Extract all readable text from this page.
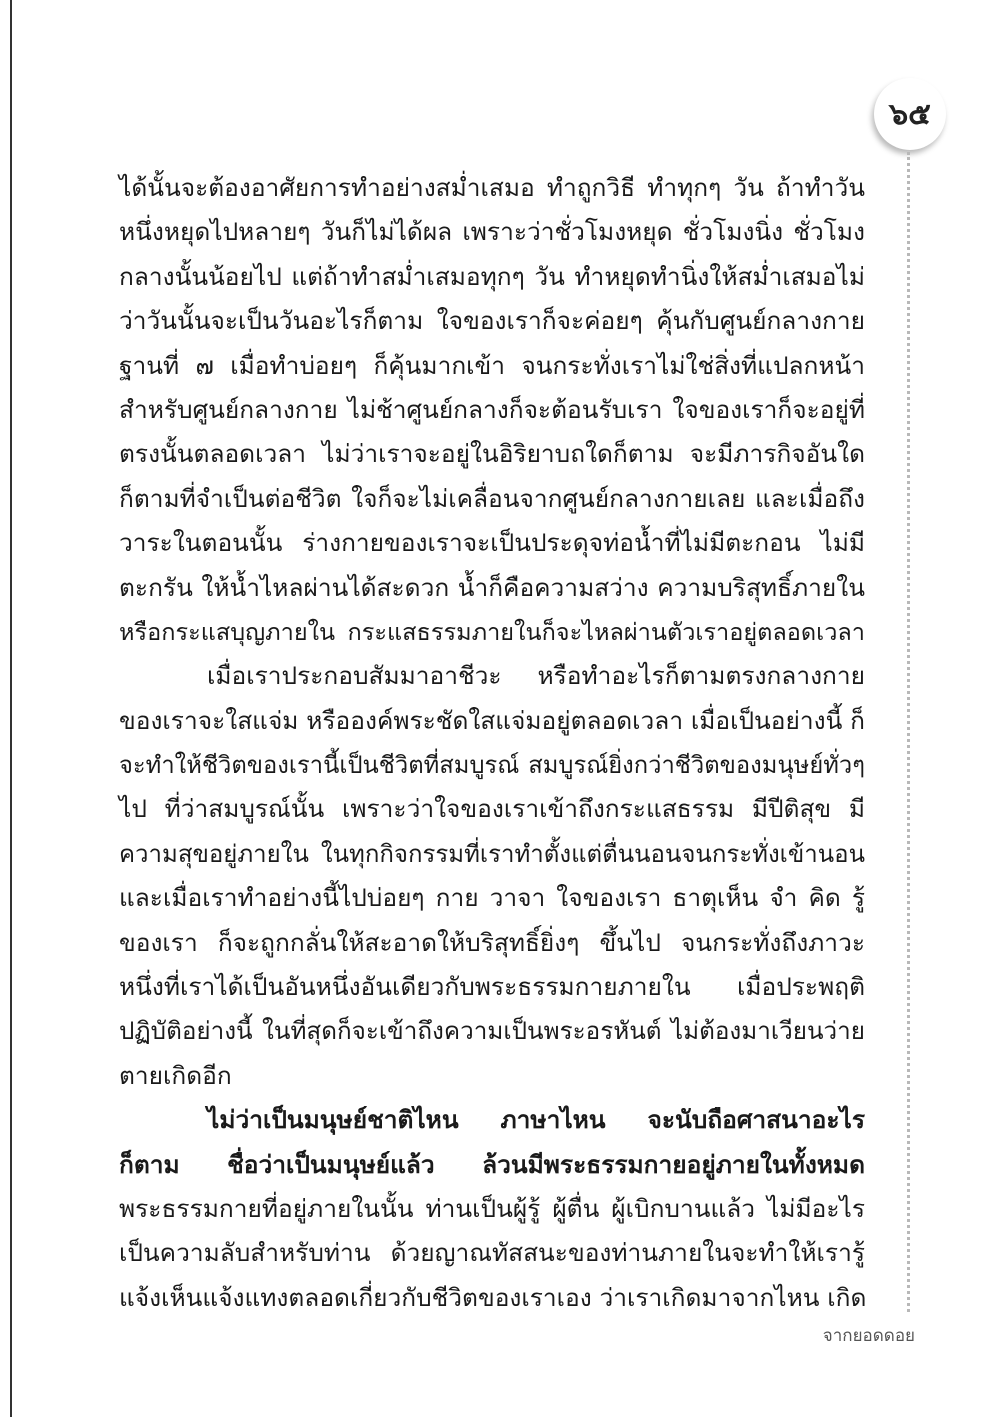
๖๕
ได้นั้นจะต้องอาศัยการทำอย่างสม่ำเสมอ ทำถูกวิธี ทำทุกๆ วัน ถ้าทำวัน
หนึ่งหยุดไปหลายๆ วันก็ไม่ได้ผล เพราะว่าชั่วโมงหยุด ชั่วโมงนิ่ง ชั่วโมง
กลางนั้นน้อยไป แต่ถ้าทำสม่ำเสมอทุกๆ วัน ทำหยุดทำนิ่งให้สม่ำเสมอไม่
ว่าวันนั้นจะเป็นวันอะไรก็ตาม ใจของเราก็จะค่อยๆ คุ้นกับศูนย์กลางกาย
ฐานที่ ๗ เมื่อทำบ่อยๆ ก็คุ้นมากเข้า จนกระทั่งเราไม่ใช่สิ่งที่แปลกหน้า
สำหรับศูนย์กลางกาย ไม่ช้าศูนย์กลางก็จะต้อนรับเรา ใจของเราก็จะอยู่ที่
ตรงนั้นตลอดเวลา ไม่ว่าเราจะอยู่ในอิริยาบถใดก็ตาม จะมีภารกิจอันใด
ก็ตามที่จำเป็นต่อชีวิต ใจก็จะไม่เคลื่อนจากศูนย์กลางกายเลย และเมื่อถึง
วาระในตอนนั้น ร่างกายของเราจะเป็นประดุจท่อน้ำที่ไม่มีตะกอน ไม่มี
ตะกรัน ให้น้ำไหลผ่านได้สะดวก น้ำก็คือความสว่าง ความบริสุทธิ์ภายใน
หรือกระแสบุญภายใน กระแสธรรมภายในก็จะไหลผ่านตัวเราอยู่ตลอดเวลา
เมื่อเราประกอบสัมมาอาชีวะ หรือทำอะไรก็ตามตรงกลางกาย
ของเราจะใสแจ่ม หรือองค์พระชัดใสแจ่มอยู่ตลอดเวลา เมื่อเป็นอย่างนี้ ก็
จะทำให้ชีวิตของเรานี้เป็นชีวิตที่สมบูรณ์ สมบูรณ์ยิ่งกว่าชีวิตของมนุษย์ทั่วๆ
ไป ที่ว่าสมบูรณ์นั้น เพราะว่าใจของเราเข้าถึงกระแสธรรม มีปีติสุข มี
ความสุขอยู่ภายใน ในทุกกิจกรรมที่เราทำตั้งแต่ตื่นนอนจนกระทั่งเข้านอน
และเมื่อเราทำอย่างนี้ไปบ่อยๆ กาย วาจา ใจของเรา ธาตุเห็น จำ คิด รู้
ของเรา ก็จะถูกกลั่นให้สะอาดให้บริสุทธิ์ยิ่งๆ ขึ้นไป จนกระทั่งถึงภาวะ
หนึ่งที่เราได้เป็นอันหนึ่งอันเดียวกับพระธรรมกายภายใน เมื่อประพฤติ
ปฏิบัติอย่างนี้ ในที่สุดก็จะเข้าถึงความเป็นพระอรหันต์ ไม่ต้องมาเวียนว่าย
ตายเกิดอีก
ไม่ว่าเป็นมนุษย์ชาติไหน ภาษาไหน จะนับถือศาสนาอะไร
ก็ตาม ชื่อว่าเป็นมนุษย์แล้ว ล้วนมีพระธรรมกายอยู่ภายในทั้งหมด
พระธรรมกายที่อยู่ภายในนั้น ท่านเป็นผู้รู้ ผู้ตื่น ผู้เบิกบานแล้ว ไม่มีอะไร
เป็นความลับสำหรับท่าน ด้วยญาณทัสสนะของท่านภายในจะทำให้เรารู้
แจ้งเห็นแจ้งแทงตลอดเกี่ยวกับชีวิตของเราเอง ว่าเราเกิดมาจากไหน เกิด
จากยอดดอย
